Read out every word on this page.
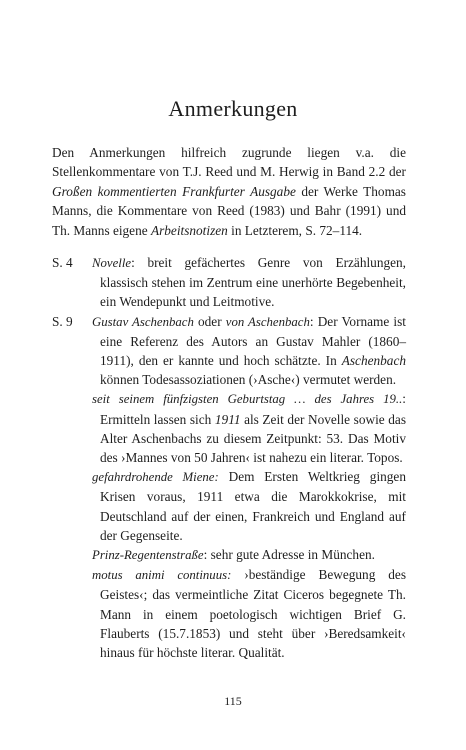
Anmerkungen
Den Anmerkungen hilfreich zugrunde liegen v.a. die Stellenkommentare von T.J. Reed und M. Herwig in Band 2.2 der Großen kommentierten Frankfurter Ausgabe der Werke Thomas Manns, die Kommentare von Reed (1983) und Bahr (1991) und Th. Manns eigene Arbeitsnotizen in Letzterem, S. 72–114.
S. 4	Novelle: breit gefächertes Genre von Erzählungen, klassisch stehen im Zentrum eine unerhörte Begebenheit, ein Wendepunkt und Leitmotive.
S. 9	Gustav Aschenbach oder von Aschenbach: Der Vorname ist eine Referenz des Autors an Gustav Mahler (1860–1911), den er kannte und hoch schätzte. In Aschenbach können Todesassoziationen (›Asche‹) vermutet werden.
seit seinem fünfzigsten Geburtstag … des Jahres 19..: Ermitteln lassen sich 1911 als Zeit der Novelle sowie das Alter Aschenbachs zu diesem Zeitpunkt: 53. Das Motiv des ›Mannes von 50 Jahren‹ ist nahezu ein literar. Topos.
gefahrdrohende Miene: Dem Ersten Weltkrieg gingen Krisen voraus, 1911 etwa die Marokkokrise, mit Deutschland auf der einen, Frankreich und England auf der Gegenseite.
Prinz-Regentenstraße: sehr gute Adresse in München.
motus animi continuus: ›beständige Bewegung des Geistes‹; das vermeintliche Zitat Ciceros begegnete Th. Mann in einem poetologisch wichtigen Brief G. Flauberts (15.7.1853) und steht über ›Beredsamkeit‹ hinaus für höchste literar. Qualität.
115
